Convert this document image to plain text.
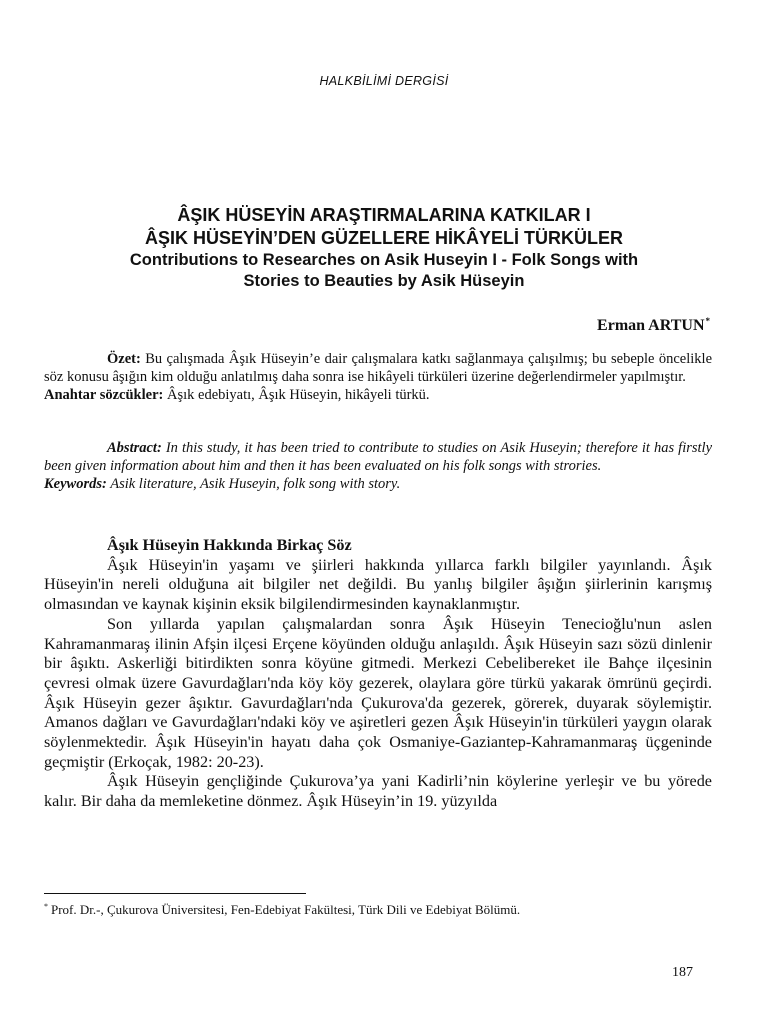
HALKBİLİMİ DERGİSİ
ÂŞIK HÜSEYİN ARAŞTIRMALARINA KATKILAR I
ÂŞIK HÜSEYİN’DEN GÜZELLERE HİKÂYELİ TÜRKÜLER
Contributions to Researches on Asik Huseyin I - Folk Songs with
Stories to Beauties by Asik Hüseyin
Erman ARTUN*

Özet: Bu çalışmada Âşık Hüseyin’e dair çalışmalara katkı sağlanmaya çalışılmış; bu sebeple öncelikle söz konusu âşığın kim olduğu anlatılmış daha sonra ise hikâyeli türküleri üzerine değerlendirmeler yapılmıştır.

Anahtar sözcükler: Âşık edebiyatı, Âşık Hüseyin, hikâyeli türkü.

Abstract: In this study, it has been tried to contribute to studies on Asik Huseyin; therefore it has firstly been given information about him and then it has been evaluated on his folk songs with strories.

Keywords: Asik literature, Asik Huseyin, folk song with story.

Âşık Hüseyin Hakkında Birkaç Söz

Âşık Hüseyin'in yaşamı ve şiirleri hakkında yıllarca farklı bilgiler yayınlandı. Âşık Hüseyin'in nereli olduğuna ait bilgiler net değildi. Bu yanlış bilgiler âşığın şiirlerinin karışmış olmasından ve kaynak kişinin eksik bilgilendirmesinden kaynaklanmıştır.

Son yıllarda yapılan çalışmalardan sonra Âşık Hüseyin Tenecioğlu'nun aslen Kahramanmaraş ilinin Afşin ilçesi Erçene köyünden olduğu anlaşıldı. Âşık Hüseyin sazı sözü dinlenir bir âşıktı. Askerliği bitirdikten sonra köyüne gitmedi. Merkezi Cebelibereket ile Bahçe ilçesinin çevresi olmak üzere Gavurdağları'nda köy köy gezerek, olaylara göre türkü yakarak ömrünü geçirdi. Âşık Hüseyin gezer âşıktır. Gavurdağları'nda Çukurova'da gezerek, görerek, duyarak söylemiştir. Amanos dağları ve Gavurdağları'ndaki köy ve aşiretleri gezen Âşık Hüseyin'in türküleri yaygın olarak söylenmektedir. Âşık Hüseyin'in hayatı daha çok Osmaniye-Gaziantep-Kahramanmaraş üçgeninde geçmiştir (Erkoçak, 1982: 20-23).

Âşık Hüseyin gençliğinde Çukurova’ya yani Kadirli’nin köylerine yerleşir ve bu yörede kalır. Bir daha da memleketine dönmez. Âşık Hüseyin’in 19. yüzyılda

* Prof. Dr.-, Çukurova Üniversitesi, Fen-Edebiyat Fakültesi, Türk Dili ve Edebiyat Bölümü.
187
